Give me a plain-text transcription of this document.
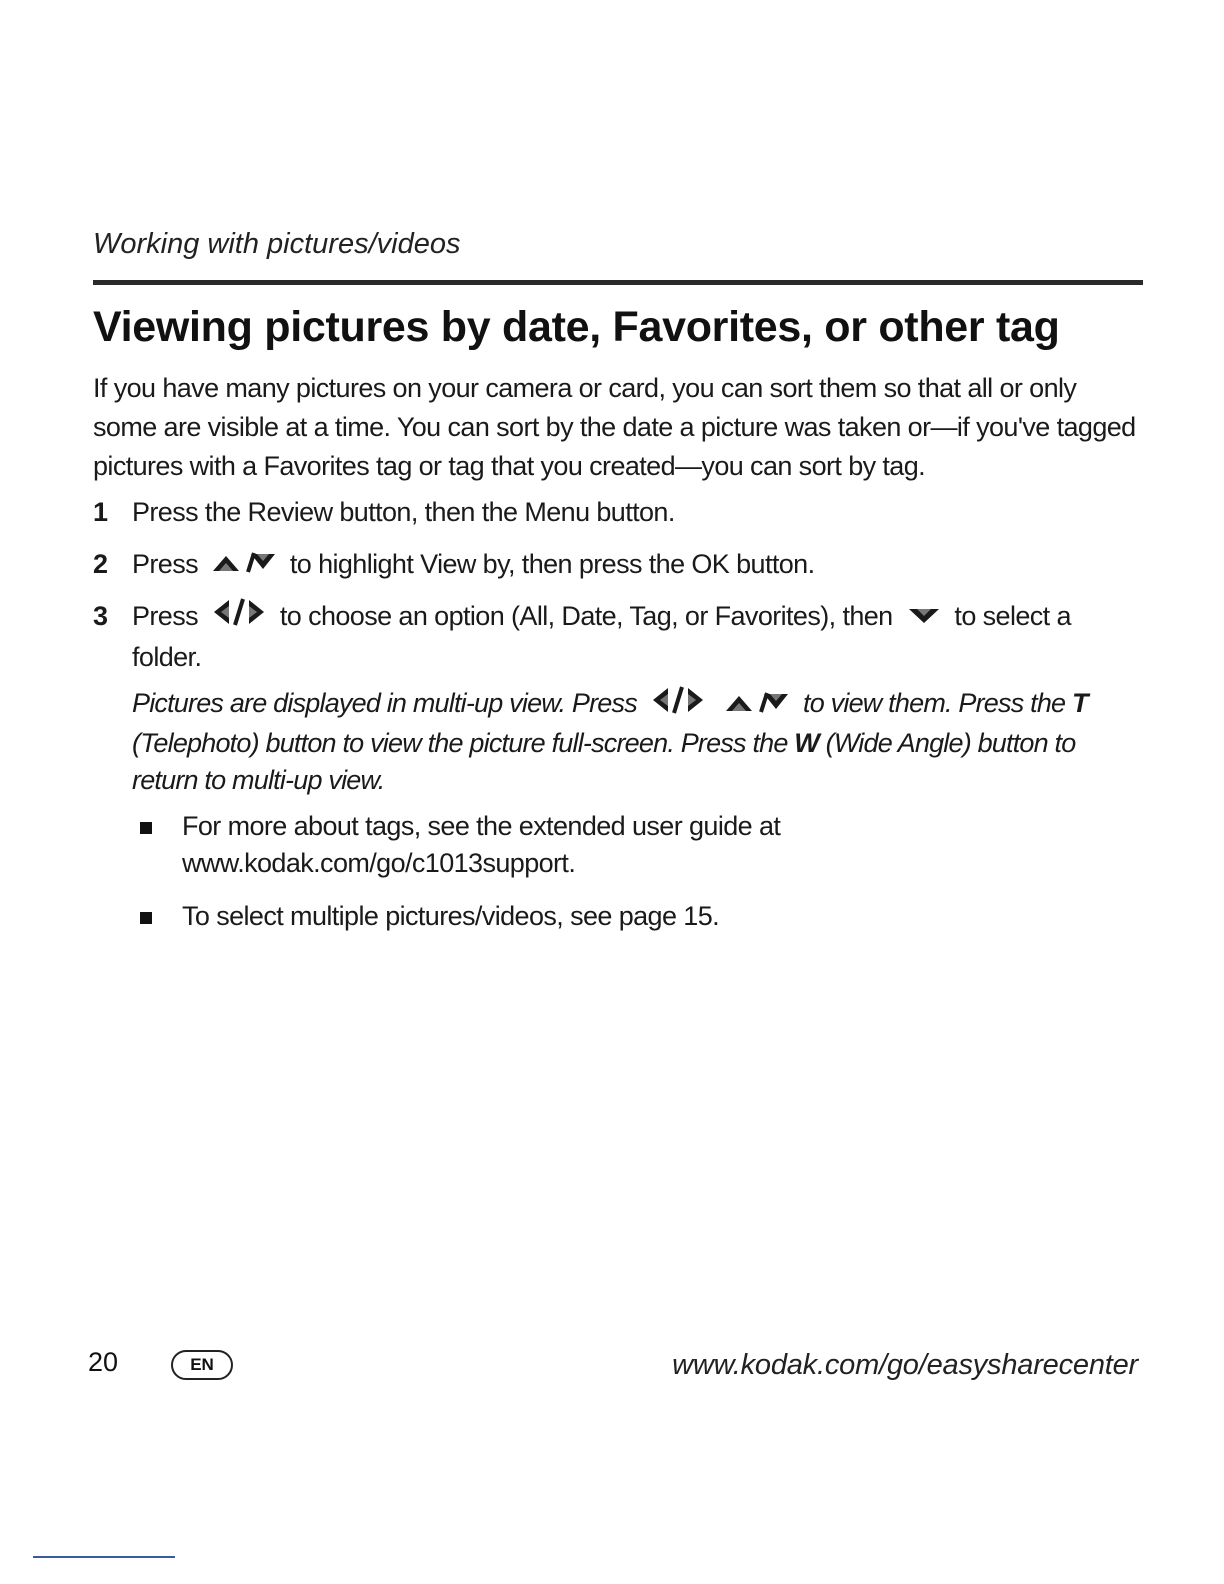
Working with pictures/videos
Viewing pictures by date, Favorites, or other tag

If you have many pictures on your camera or card, you can sort them so that all or only some are visible at a time. You can sort by the date a picture was taken or—if you've tagged pictures with a Favorites tag or tag that you created—you can sort by tag.

1 Press the Review button, then the Menu button.
2 Press	to highlight View by, then press the OK button.
3 Press	to choose an option (All, Date, Tag, or Favorites), then to select a folder.

Pictures are displayed in multi-up view. Press	to view them. Press the T (Telephoto) button to view the picture full-screen. Press the W (Wide Angle) button to return to multi-up view.

For more about tags, see the extended user guide at www.kodak.com/go/c1013support.
To select multiple pictures/videos, see page 15.
20	EN	www.kodak.com/go/easysharecenter
